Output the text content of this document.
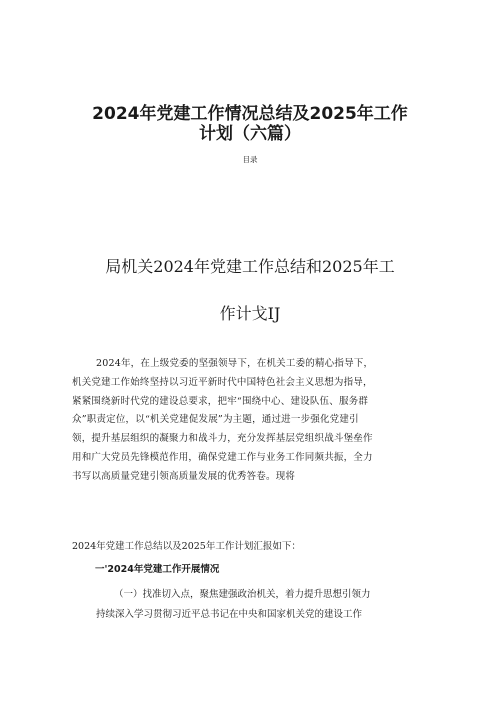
2024年党建工作情况总结及2025年工作
计划（六篇）
目录
局机关2024年党建工作总结和2025年工
作计戈IJ
2024年，在上级党委的坚强领导下，在机关工委的精心指导下，
机关党建工作始终坚持以习近平新时代中国特色社会主义思想为指导，
紧紧围绕新时代党的建设总要求，把牢“围绕中心、建设队伍、服务群
众”职责定位，以“机关党建促发展”为主题，通过进一步强化党建引
领，提升基层组织的凝聚力和战斗力，充分发挥基层党组织战斗堡垒作
用和广大党员先锋模范作用，确保党建工作与业务工作同频共振，全力
书写以高质量党建引领高质量发展的优秀答卷。现将
2024年党建工作总结以及2025年工作计划汇报如下：
一'2024年党建工作开展情况
（一）找准切入点，聚焦建强政治机关，着力提升思想引领力
持续深入学习贯彻习近平总书记在中央和国家机关党的建设工作
